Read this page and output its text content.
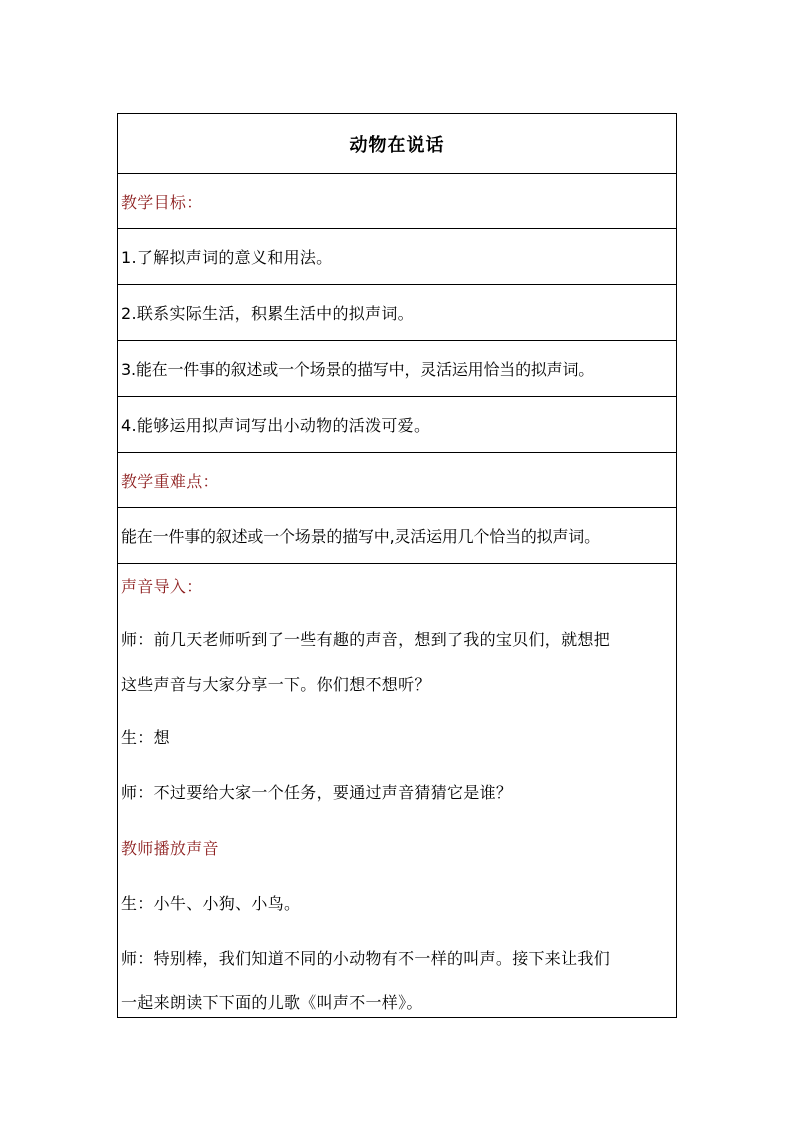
动物在说话
教学目标：
1.了解拟声词的意义和用法。
2.联系实际生活，积累生活中的拟声词。
3.能在一件事的叙述或一个场景的描写中，灵活运用恰当的拟声词。
4.能够运用拟声词写出小动物的活泼可爱。
教学重难点：
能在一件事的叙述或一个场景的描写中,灵活运用几个恰当的拟声词。
声音导入：
师：前几天老师听到了一些有趣的声音，想到了我的宝贝们，就想把
这些声音与大家分享一下。你们想不想听？
生：想
师：不过要给大家一个任务，要通过声音猜猜它是谁？
教师播放声音
生：小牛、小狗、小鸟。
师：特别棒，我们知道不同的小动物有不一样的叫声。接下来让我们
一起来朗读下下面的儿歌《叫声不一样》。
